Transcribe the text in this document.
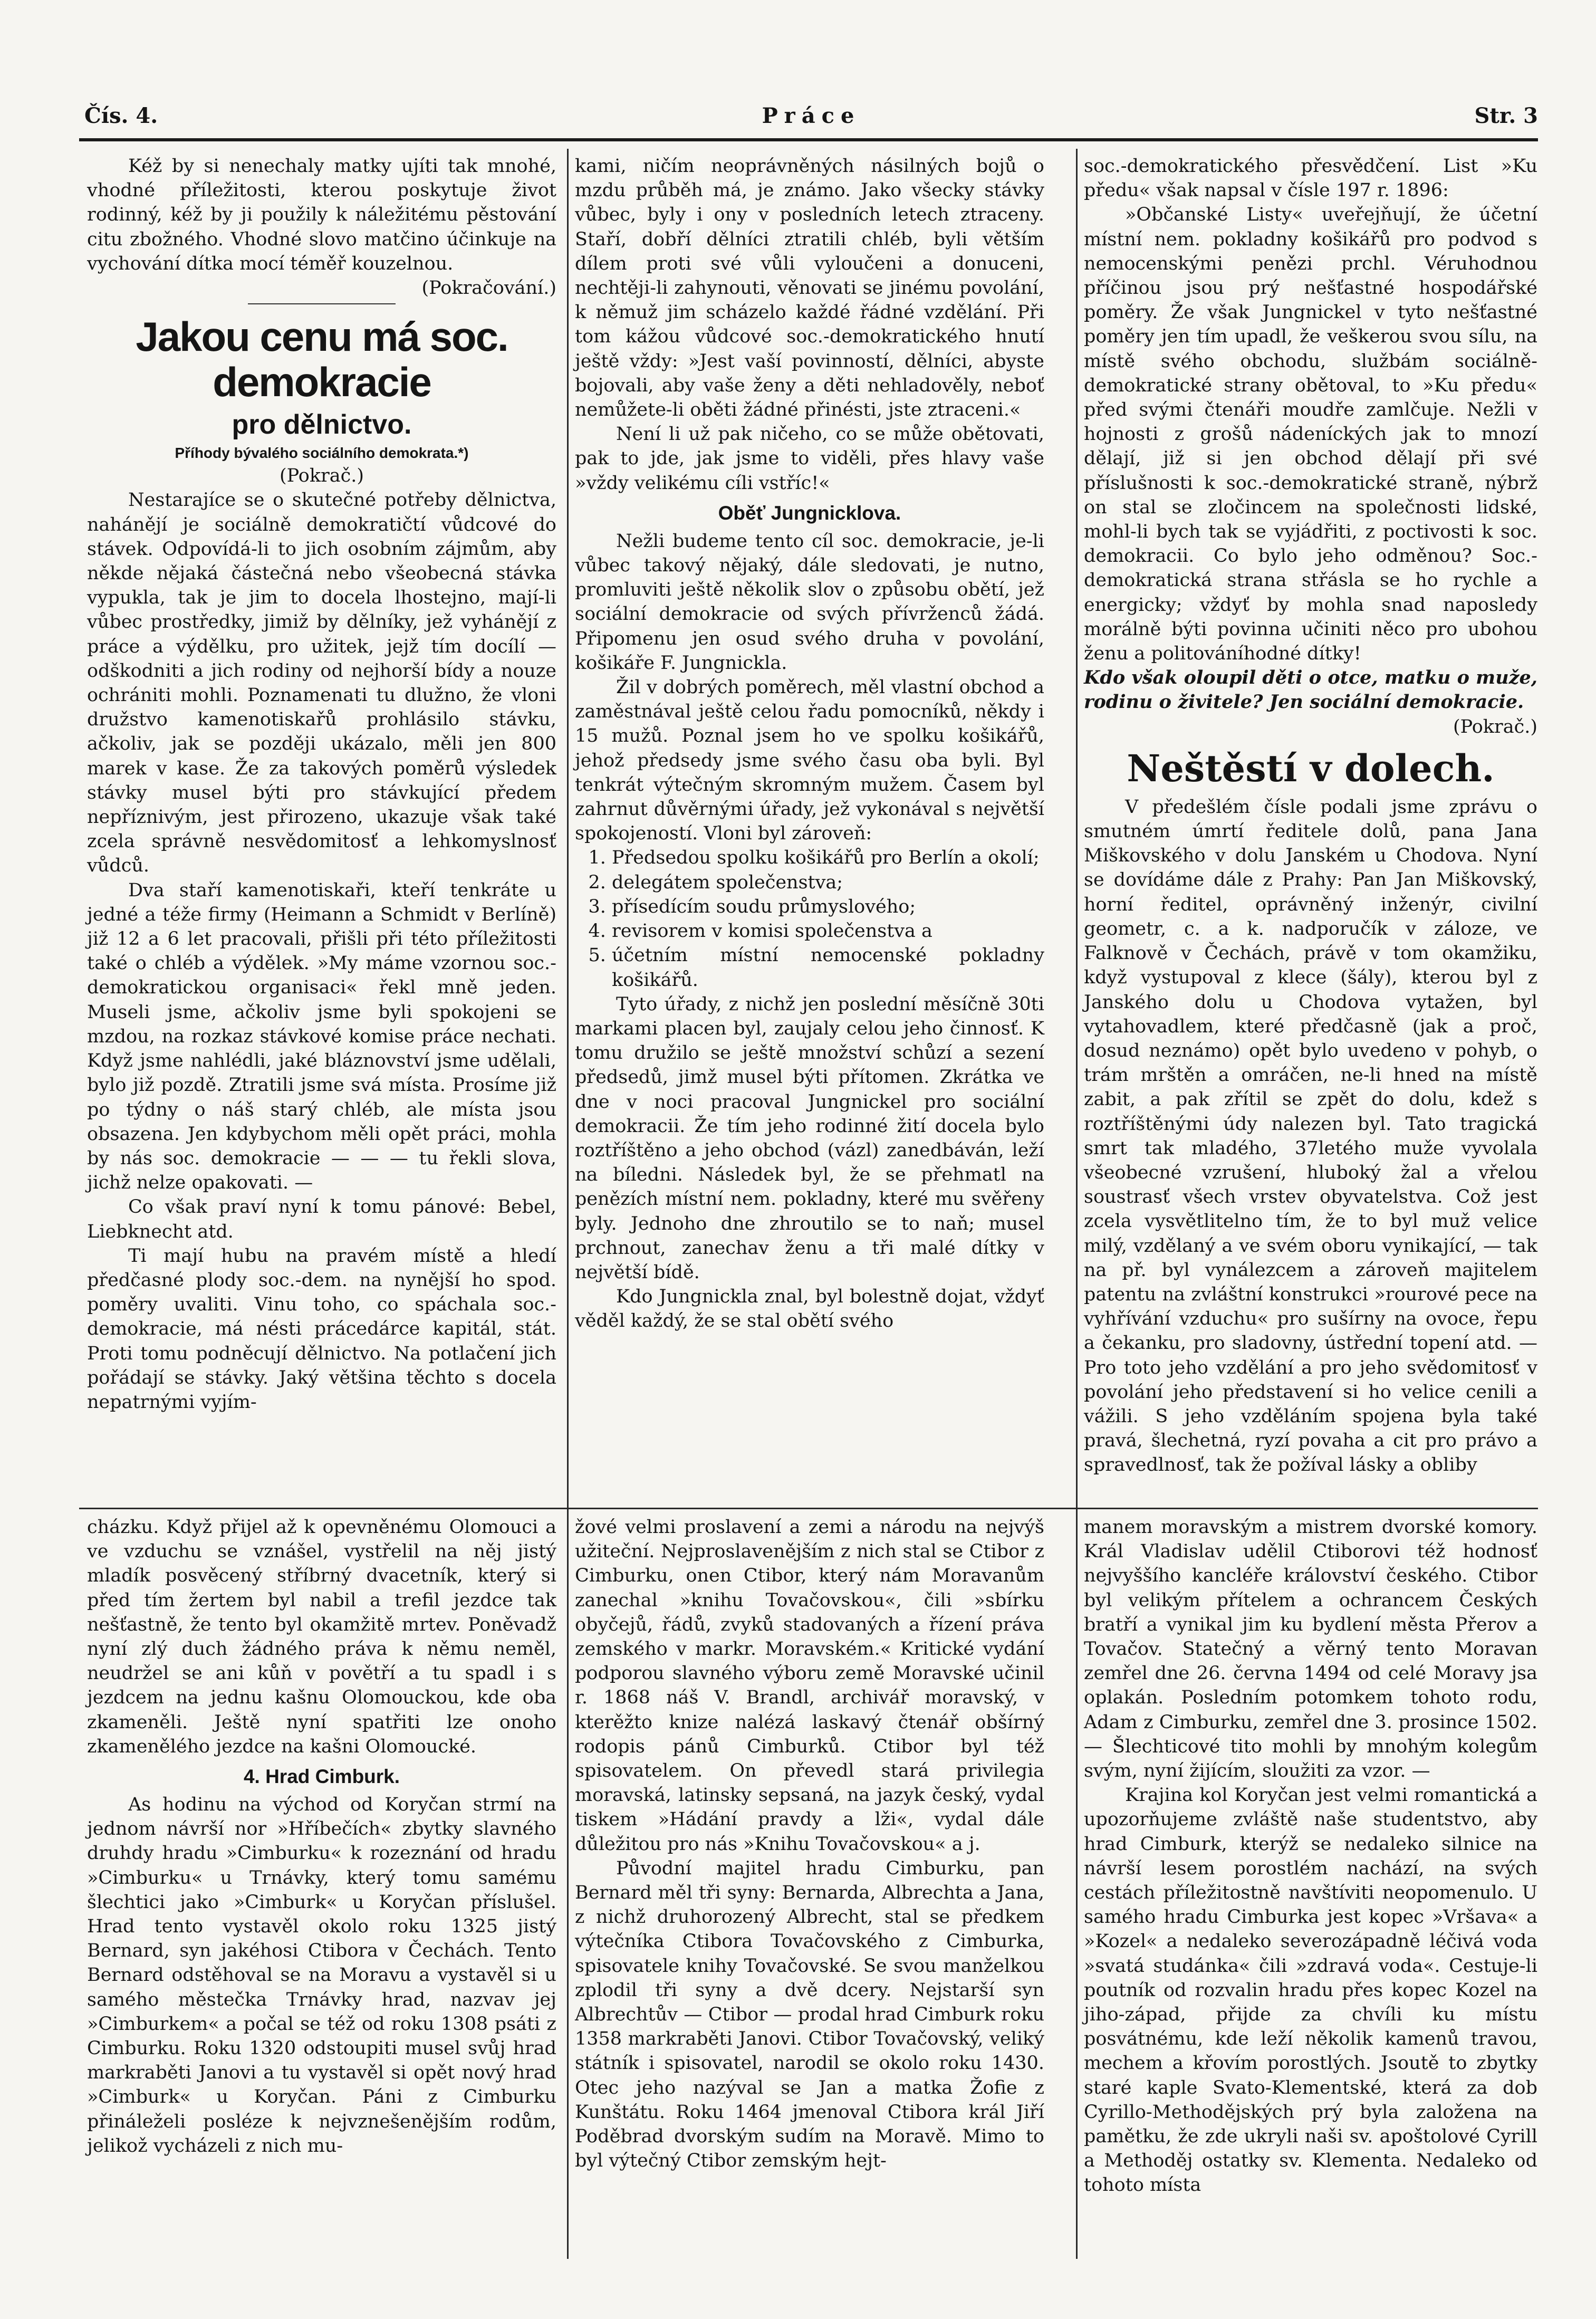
Čís. 4.	Práce	Str. 3

Kéž by si nenechaly matky ujíti tak mnohé, vhodné příležitosti, kterou poskytuje život rodinný, kéž by ji použily k náležitému pěstování citu zbožného. Vhodné slovo matčino účinkuje na vychování dítka mocí téměř kouzelnou.

(Pokračování.)

Jakou cenu má soc. demokracie
pro dělnictvo.
Příhody bývalého sociálního demokrata.*)

(Pokrač.)

Nestarajíce se o skutečné potřeby dělnictva, nahánějí je sociálně demokratičtí vůdcové do stávek. Odpovídá-li to jich osobním zájmům, aby někde nějaká částečná nebo všeobecná stávka vypukla, tak je jim to docela lhostejno, mají-li vůbec prostředky, jimiž by dělníky, jež vyhánějí z práce a výdělku, pro užitek, jejž tím docílí — odškodniti a jich rodiny od nejhorší bídy a nouze ochrániti mohli. Poznamenati tu dlužno, že vloni družstvo kamenotiskařů prohlásilo stávku, ačkoliv, jak se později ukázalo, měli jen 800 marek v kase. Že za takových poměrů výsledek stávky musel býti pro stávkující předem nepříznivým, jest přirozeno, ukazuje však také zcela správně nesvědomitosť a lehkomyslnosť vůdců.

Dva staří kamenotiskaři, kteří tenkráte u jedné a téže firmy (Heimann a Schmidt v Berlíně) již 12 a 6 let pracovali, přišli při této příležitosti také o chléb a výdělek. »My máme vzornou soc.-demokratickou organisaci« řekl mně jeden. Museli jsme, ačkoliv jsme byli spokojeni se mzdou, na rozkaz stávkové komise práce nechati. Když jsme nahlédli, jaké bláznovství jsme udělali, bylo již pozdě. Ztratili jsme svá místa. Prosíme již po týdny o náš starý chléb, ale místa jsou obsazena. Jen kdybychom měli opět práci, mohla by nás soc. demokracie — — — tu řekli slova, jichž nelze opakovati. —

Co však praví nyní k tomu pánové: Bebel, Liebknecht atd.

Ti mají hubu na pravém místě a hledí předčasné plody soc.-dem. na nynější ho spod. poměry uvaliti. Vinu toho, co spáchala soc.-demokracie, má nésti prácedárce kapitál, stát. Proti tomu podněcují dělnictvo. Na potlačení jich pořádají se stávky. Jaký většina těchto s docela nepatrnými vyjím-

kami, ničím neoprávněných násilných bojů o mzdu průběh má, je známo. Jako všecky stávky vůbec, byly i ony v posledních letech ztraceny. Staří, dobří dělníci ztratili chléb, byli větším dílem proti své vůli vyloučeni a donuceni, nechtěji-li zahynouti, věnovati se jinému povolání, k němuž jim scházelo každé řádné vzdělání. Při tom kážou vůdcové soc.-demokratického hnutí ještě vždy: »Jest vaší povinností, dělníci, abyste bojovali, aby vaše ženy a děti nehladověly, neboť nemůžete-li oběti žádné přinésti, jste ztraceni.«

Není li už pak ničeho, co se může obětovati, pak to jde, jak jsme to viděli, přes hlavy vaše »vždy velikému cíli vstříc!«

Oběť Jungnicklova.

Nežli budeme tento cíl soc. demokracie, je-li vůbec takový nějaký, dále sledovati, je nutno, promluviti ještě několik slov o způsobu obětí, jež sociální demokracie od svých přívrženců žádá. Připomenu jen osud svého druha v povolání, košikáře F. Jungnickla.

Žil v dobrých poměrech, měl vlastní obchod a zaměstnával ještě celou řadu pomocníků, někdy i 15 mužů. Poznal jsem ho ve spolku košikářů, jehož předsedy jsme svého času oba byli. Byl tenkrát výtečným skromným mužem. Časem byl zahrnut důvěrnými úřady, jež vykonával s největší spokojeností. Vloni byl zároveň:

1. Předsedou spolku košikářů pro Berlín a okolí;
2. delegátem společenstva;
3. přísedícím soudu průmyslového;
4. revisorem v komisi společenstva a
5. účetním místní nemocenské pokladny košikářů.

Tyto úřady, z nichž jen poslední měsíčně 30ti markami placen byl, zaujaly celou jeho činnosť. K tomu družilo se ještě množství schůzí a sezení předsedů, jimž musel býti přítomen. Zkrátka ve dne v noci pracoval Jungnickel pro sociální demokracii. Že tím jeho rodinné žití docela bylo roztříštěno a jeho obchod (vázl) zanedbáván, leží na bíledni. Následek byl, že se přehmatl na penězích místní nem. pokladny, které mu svěřeny byly. Jednoho dne zhroutilo se to naň; musel prchnout, zanechav ženu a tři malé dítky v největší bídě.

Kdo Jungnickla znal, byl bolestně dojat, vždyť věděl každý, že se stal obětí svého

soc.-demokratického přesvědčení. List »Ku předu« však napsal v čísle 197 r. 1896:

»Občanské Listy« uveřejňují, že účetní místní nem. pokladny košikářů pro podvod s nemocenskými penězi prchl. Véruhodnou příčinou jsou prý nešťastné hospodářské poměry. Že však Jungnickel v tyto nešťastné poměry jen tím upadl, že veškerou svou sílu, na místě svého obchodu, službám sociálně-demokratické strany obětoval, to »Ku předu« před svými čtenáři moudře zamlčuje. Nežli v hojnosti z grošů nádeníckých jak to mnozí dělají, již si jen obchod dělají při své příslušnosti k soc.-demokratické straně, nýbrž on stal se zločincem na společnosti lidské, mohl-li bych tak se vyjádřiti, z poctivosti k soc. demokracii. Co bylo jeho odměnou? Soc.-demokratická strana střásla se ho rychle a energicky; vždyť by mohla snad naposledy morálně býti povinna učiniti něco pro ubohou ženu a politováníhodné dítky!

Kdo však oloupil děti o otce, matku o muže, rodinu o živitele? Jen sociální demokracie.

(Pokrač.)

Neštěstí v dolech.

V předešlém čísle podali jsme zprávu o smutném úmrtí ředitele dolů, pana Jana Miškovského v dolu Janském u Chodova. Nyní se dovídáme dále z Prahy: Pan Jan Miškovský, horní ředitel, oprávněný inženýr, civilní geometr, c. a k. nadporučík v záloze, ve Falknově v Čechách, právě v tom okamžiku, když vystupoval z klece (šály), kterou byl z Janského dolu u Chodova vytažen, byl vytahovadlem, které předčasně (jak a proč, dosud neznámo) opět bylo uvedeno v pohyb, o trám mrštěn a omráčen, ne-li hned na místě zabit, a pak zřítil se zpět do dolu, kdež s roztříštěnými údy nalezen byl. Tato tragická smrt tak mladého, 37letého muže vyvolala všeobecné vzrušení, hluboký žal a vřelou soustrasť všech vrstev obyvatelstva. Což jest zcela vysvětlitelno tím, že to byl muž velice milý, vzdělaný a ve svém oboru vynikající, — tak na př. byl vynálezcem a zároveň majitelem patentu na zvláštní konstrukci »rourové pece na vyhřívání vzduchu« pro sušírny na ovoce, řepu a čekanku, pro sladovny, ústřední topení atd. — Pro toto jeho vzdělání a pro jeho svědomitosť v povolání jeho představení si ho velice cenili a vážili. S jeho vzděláním spojena byla také pravá, šlechetná, ryzí povaha a cit pro právo a spravedlnosť, tak že požíval lásky a obliby

cházku. Když přijel až k opevněnému Olomouci a ve vzduchu se vznášel, vystřelil na něj jistý mladík posvěcený stříbrný dvacetník, který si před tím žertem byl nabil a trefil jezdce tak nešťastně, že tento byl okamžitě mrtev. Poněvadž nyní zlý duch žádného práva k němu neměl, neudržel se ani kůň v povětří a tu spadl i s jezdcem na jednu kašnu Olomouckou, kde oba zkameněli. Ještě nyní spatřiti lze onoho zkamenělého jezdce na kašni Olomoucké.

4. Hrad Cimburk.

As hodinu na východ od Koryčan strmí na jednom návrší nor »Hříbečích« zbytky slavného druhdy hradu »Cimburku« k rozeznání od hradu »Cimburku« u Trnávky, který tomu samému šlechtici jako »Cimburk« u Koryčan příslušel. Hrad tento vystavěl okolo roku 1325 jistý Bernard, syn jakéhosi Ctibora v Čechách. Tento Bernard odstěhoval se na Moravu a vystavěl si u samého městečka Trnávky hrad, nazvav jej »Cimburkem« a počal se též od roku 1308 psáti z Cimburku. Roku 1320 odstoupiti musel svůj hrad markraběti Janovi a tu vystavěl si opět nový hrad »Cimburk« u Koryčan. Páni z Cimburku přináleželi posléze k nejvznešenějším rodům, jelikož vycházeli z nich mu-

žové velmi proslavení a zemi a národu na nejvýš užiteční. Nejproslavenějším z nich stal se Ctibor z Cimburku, onen Ctibor, který nám Moravanům zanechal »knihu Tovačovskou«, čili »sbírku obyčejů, řádů, zvyků stadovaných a řízení práva zemského v markr. Moravském.« Kritické vydání podporou slavného výboru země Moravské učinil r. 1868 náš V. Brandl, archivář moravský, v kterěžto knize nalézá laskavý čtenář obšírný rodopis pánů Cimburků. Ctibor byl též spisovatelem. On převedl stará privilegia moravská, latinsky sepsaná, na jazyk český, vydal tiskem »Hádání pravdy a lži«, vydal dále důležitou pro nás »Knihu Tovačovskou« a j.

Původní majitel hradu Cimburku, pan Bernard měl tři syny: Bernarda, Albrechta a Jana, z nichž druhorozený Albrecht, stal se předkem výtečníka Ctibora Tovačovského z Cimburka, spisovatele knihy Tovačovské. Se svou manželkou zplodil tři syny a dvě dcery. Nejstarší syn Albrechtův — Ctibor — prodal hrad Cimburk roku 1358 markraběti Janovi. Ctibor Tovačovský, veliký státník i spisovatel, narodil se okolo roku 1430. Otec jeho nazýval se Jan a matka Žofie z Kunštátu. Roku 1464 jmenoval Ctibora král Jiří Poděbrad dvorským sudím na Moravě. Mimo to byl výtečný Ctibor zemským hejt-

manem moravským a mistrem dvorské komory. Král Vladislav udělil Ctiborovi též hodnosť nejvyššího kancléře království českého. Ctibor byl velikým přítelem a ochrancem Českých bratří a vynikal jim ku bydlení města Přerov a Tovačov. Statečný a věrný tento Moravan zemřel dne 26. června 1494 od celé Moravy jsa oplakán. Posledním potomkem tohoto rodu, Adam z Cimburku, zemřel dne 3. prosince 1502. — Šlechticové tito mohli by mnohým kolegům svým, nyní žijícím, sloužiti za vzor. —

Krajina kol Koryčan jest velmi romantická a upozorňujeme zvláště naše studentstvo, aby hrad Cimburk, kterýž se nedaleko silnice na návrší lesem porostlém nachází, na svých cestách příležitostně navštíviti neopomenulo. U samého hradu Cimburka jest kopec »Vršava« a »Kozel« a nedaleko severozápadně léčivá voda »svatá studánka« čili »zdravá voda«. Cestuje-li poutník od rozvalin hradu přes kopec Kozel na jiho-západ, přijde za chvíli ku místu posvátnému, kde leží několik kamenů travou, mechem a křovím porostlých. Jsoutě to zbytky staré kaple Svato-Klementské, která za dob Cyrillo-Methodějských prý byla založena na pamětku, že zde ukryli naši sv. apoštolové Cyrill a Methoděj ostatky sv. Klementa. Nedaleko od tohoto místa
